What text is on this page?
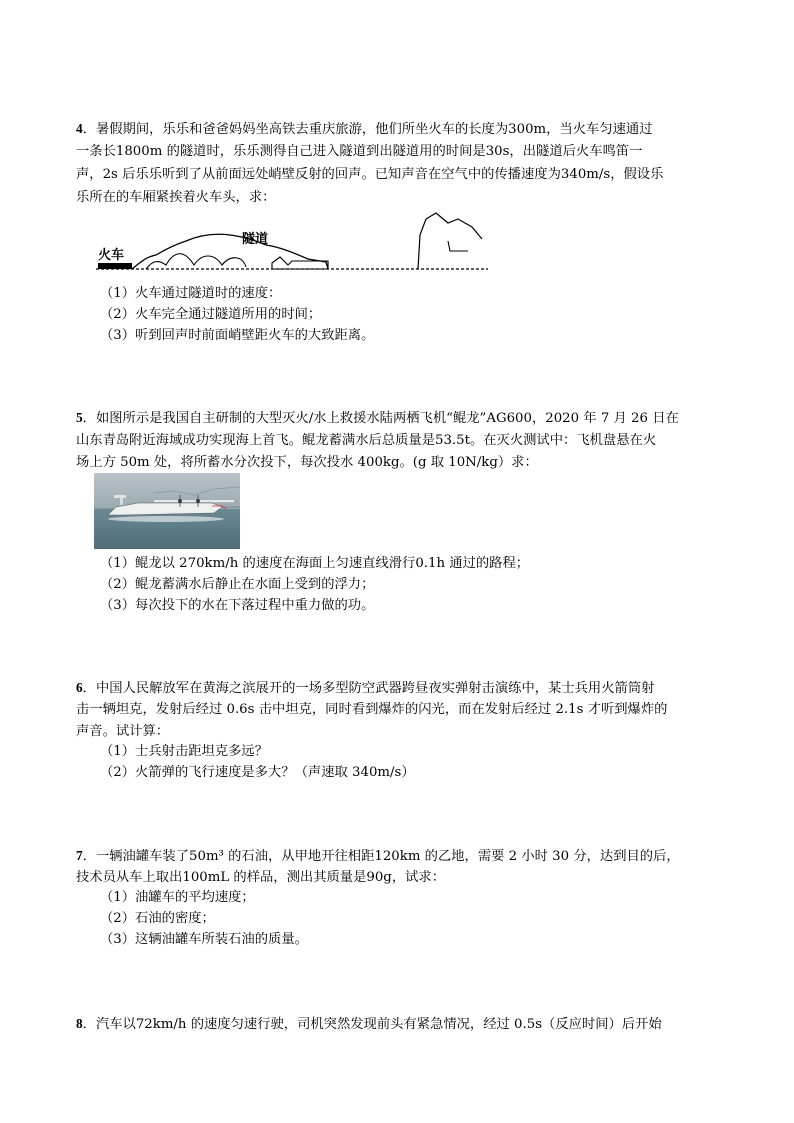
4．暑假期间，乐乐和爸爸妈妈坐高铁去重庆旅游，他们所坐火车的长度为300m，当火车匀速通过
一条长1800m 的隧道时，乐乐测得自己进入隧道到出隧道用的时间是30s，出隧道后火车鸣笛一
声，2s 后乐乐听到了从前面远处峭壁反射的回声。已知声音在空气中的传播速度为340m/s，假设乐
乐所在的车厢紧挨着火车头，求：
火车
隧道
（1）火车通过隧道时的速度：
（2）火车完全通过隧道所用的时间；
（3）听到回声时前面峭壁距火车的大致距离。
5．如图所示是我国自主研制的大型灭火/水上救援水陆两栖飞机“鲲龙”AG600，2020 年 7 月 26 日在
山东青岛附近海域成功实现海上首飞。鲲龙蓄满水后总质量是53.5t。在灭火测试中：飞机盘悬在火
场上方 50m 处，将所蓄水分次投下，每次投水 400kg。(g 取 10N/kg）求：
（1）鲲龙以 270km/h 的速度在海面上匀速直线滑行0.1h 通过的路程；
（2）鲲龙蓄满水后静止在水面上受到的浮力；
（3）每次投下的水在下落过程中重力做的功。
6．中国人民解放军在黄海之滨展开的一场多型防空武器跨昼夜实弹射击演练中，某士兵用火箭筒射
击一辆坦克，发射后经过 0.6s 击中坦克，同时看到爆炸的闪光，而在发射后经过 2.1s 才听到爆炸的
声音。试计算：
（1）士兵射击距坦克多远？
（2）火箭弹的飞行速度是多大？（声速取 340m/s）
7．一辆油罐车装了50m³ 的石油，从甲地开往相距120km 的乙地，需要 2 小时 30 分，达到目的后，
技术员从车上取出100mL 的样品，测出其质量是90g，试求：
（1）油罐车的平均速度；
（2）石油的密度；
（3）这辆油罐车所装石油的质量。
8．汽车以72km/h 的速度匀速行驶，司机突然发现前头有紧急情况，经过 0.5s（反应时间）后开始
